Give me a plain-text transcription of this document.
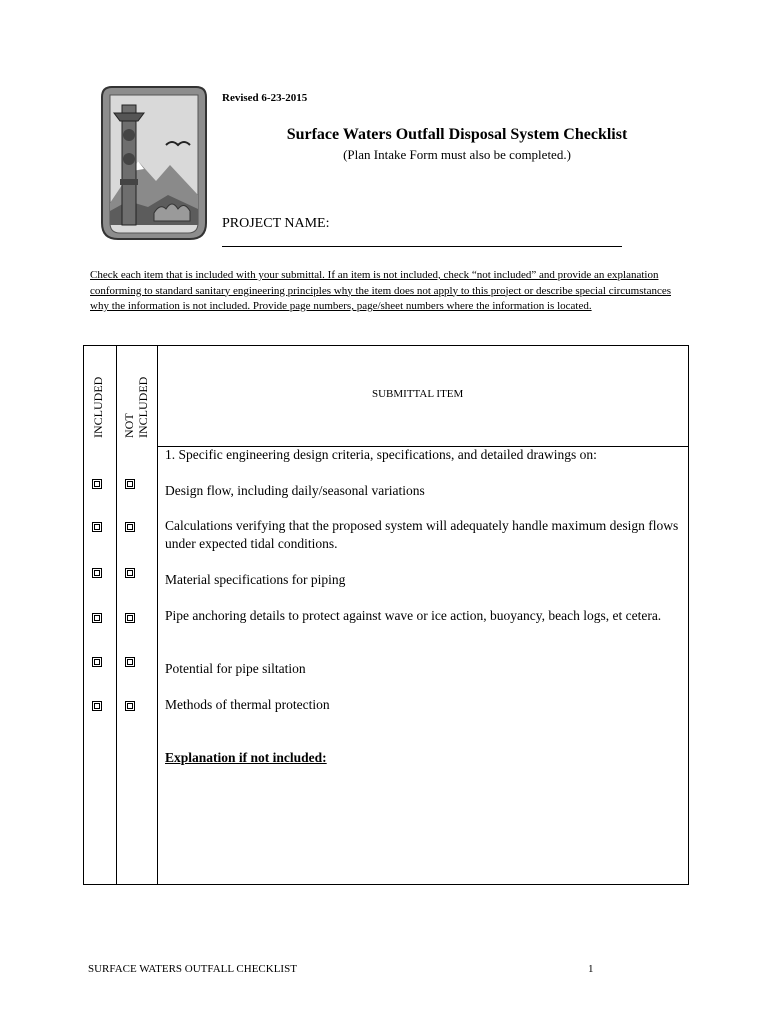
Revised 6-23-2015
Surface Waters Outfall Disposal System Checklist
(Plan Intake Form must also be completed.)
PROJECT NAME:
Check each item that is included with your submittal. If an item is not included, check “not included” and provide an explanation conforming to standard sanitary engineering principles why the item does not apply to this project or describe special circumstances why the information is not included. Provide page numbers, page/sheet numbers where the information is located.
INCLUDED NOT INCLUDED	SUBMITTAL ITEM
1. Specific engineering design criteria, specifications, and detailed drawings on:
Design flow, including daily/seasonal variations
Calculations verifying that the proposed system will adequately handle maximum design flows under expected tidal conditions.
Material specifications for piping
Pipe anchoring details to protect against wave or ice action, buoyancy, beach logs, et cetera.
Potential for pipe siltation
Methods of thermal protection
Explanation if not included:
SURFACE WATERS OUTFALL CHECKLIST	1
